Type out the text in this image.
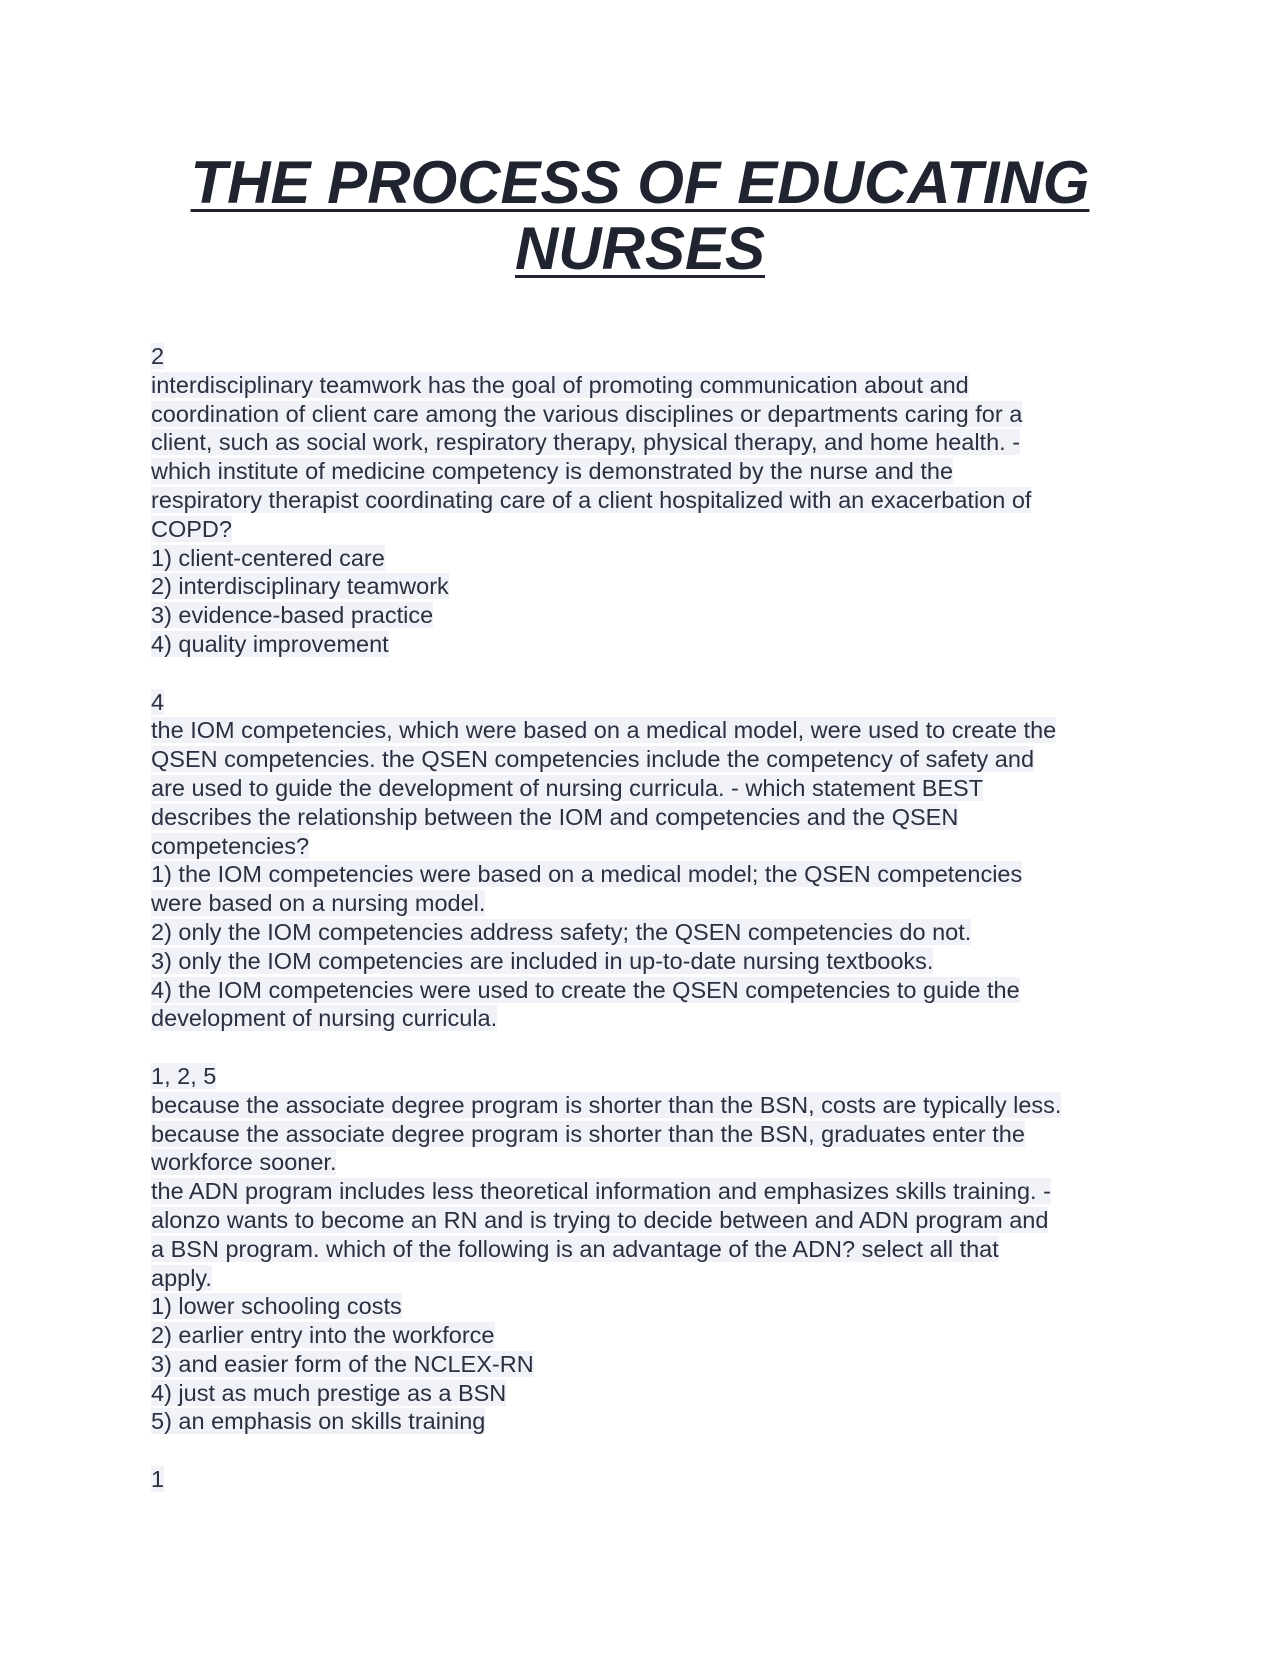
THE PROCESS OF EDUCATING
NURSES
2
interdisciplinary teamwork has the goal of promoting communication about and
coordination of client care among the various disciplines or departments caring for a
client, such as social work, respiratory therapy, physical therapy, and home health. -
which institute of medicine competency is demonstrated by the nurse and the
respiratory therapist coordinating care of a client hospitalized with an exacerbation of
COPD?
1) client-centered care
2) interdisciplinary teamwork
3) evidence-based practice
4) quality improvement
4
the IOM competencies, which were based on a medical model, were used to create the
QSEN competencies. the QSEN competencies include the competency of safety and
are used to guide the development of nursing curricula. - which statement BEST
describes the relationship between the IOM and competencies and the QSEN
competencies?
1) the IOM competencies were based on a medical model; the QSEN competencies
were based on a nursing model.
2) only the IOM competencies address safety; the QSEN competencies do not.
3) only the IOM competencies are included in up-to-date nursing textbooks.
4) the IOM competencies were used to create the QSEN competencies to guide the
development of nursing curricula.
1, 2, 5
because the associate degree program is shorter than the BSN, costs are typically less.
because the associate degree program is shorter than the BSN, graduates enter the
workforce sooner.
the ADN program includes less theoretical information and emphasizes skills training. -
alonzo wants to become an RN and is trying to decide between and ADN program and
a BSN program. which of the following is an advantage of the ADN? select all that
apply.
1) lower schooling costs
2) earlier entry into the workforce
3) and easier form of the NCLEX-RN
4) just as much prestige as a BSN
5) an emphasis on skills training
1
